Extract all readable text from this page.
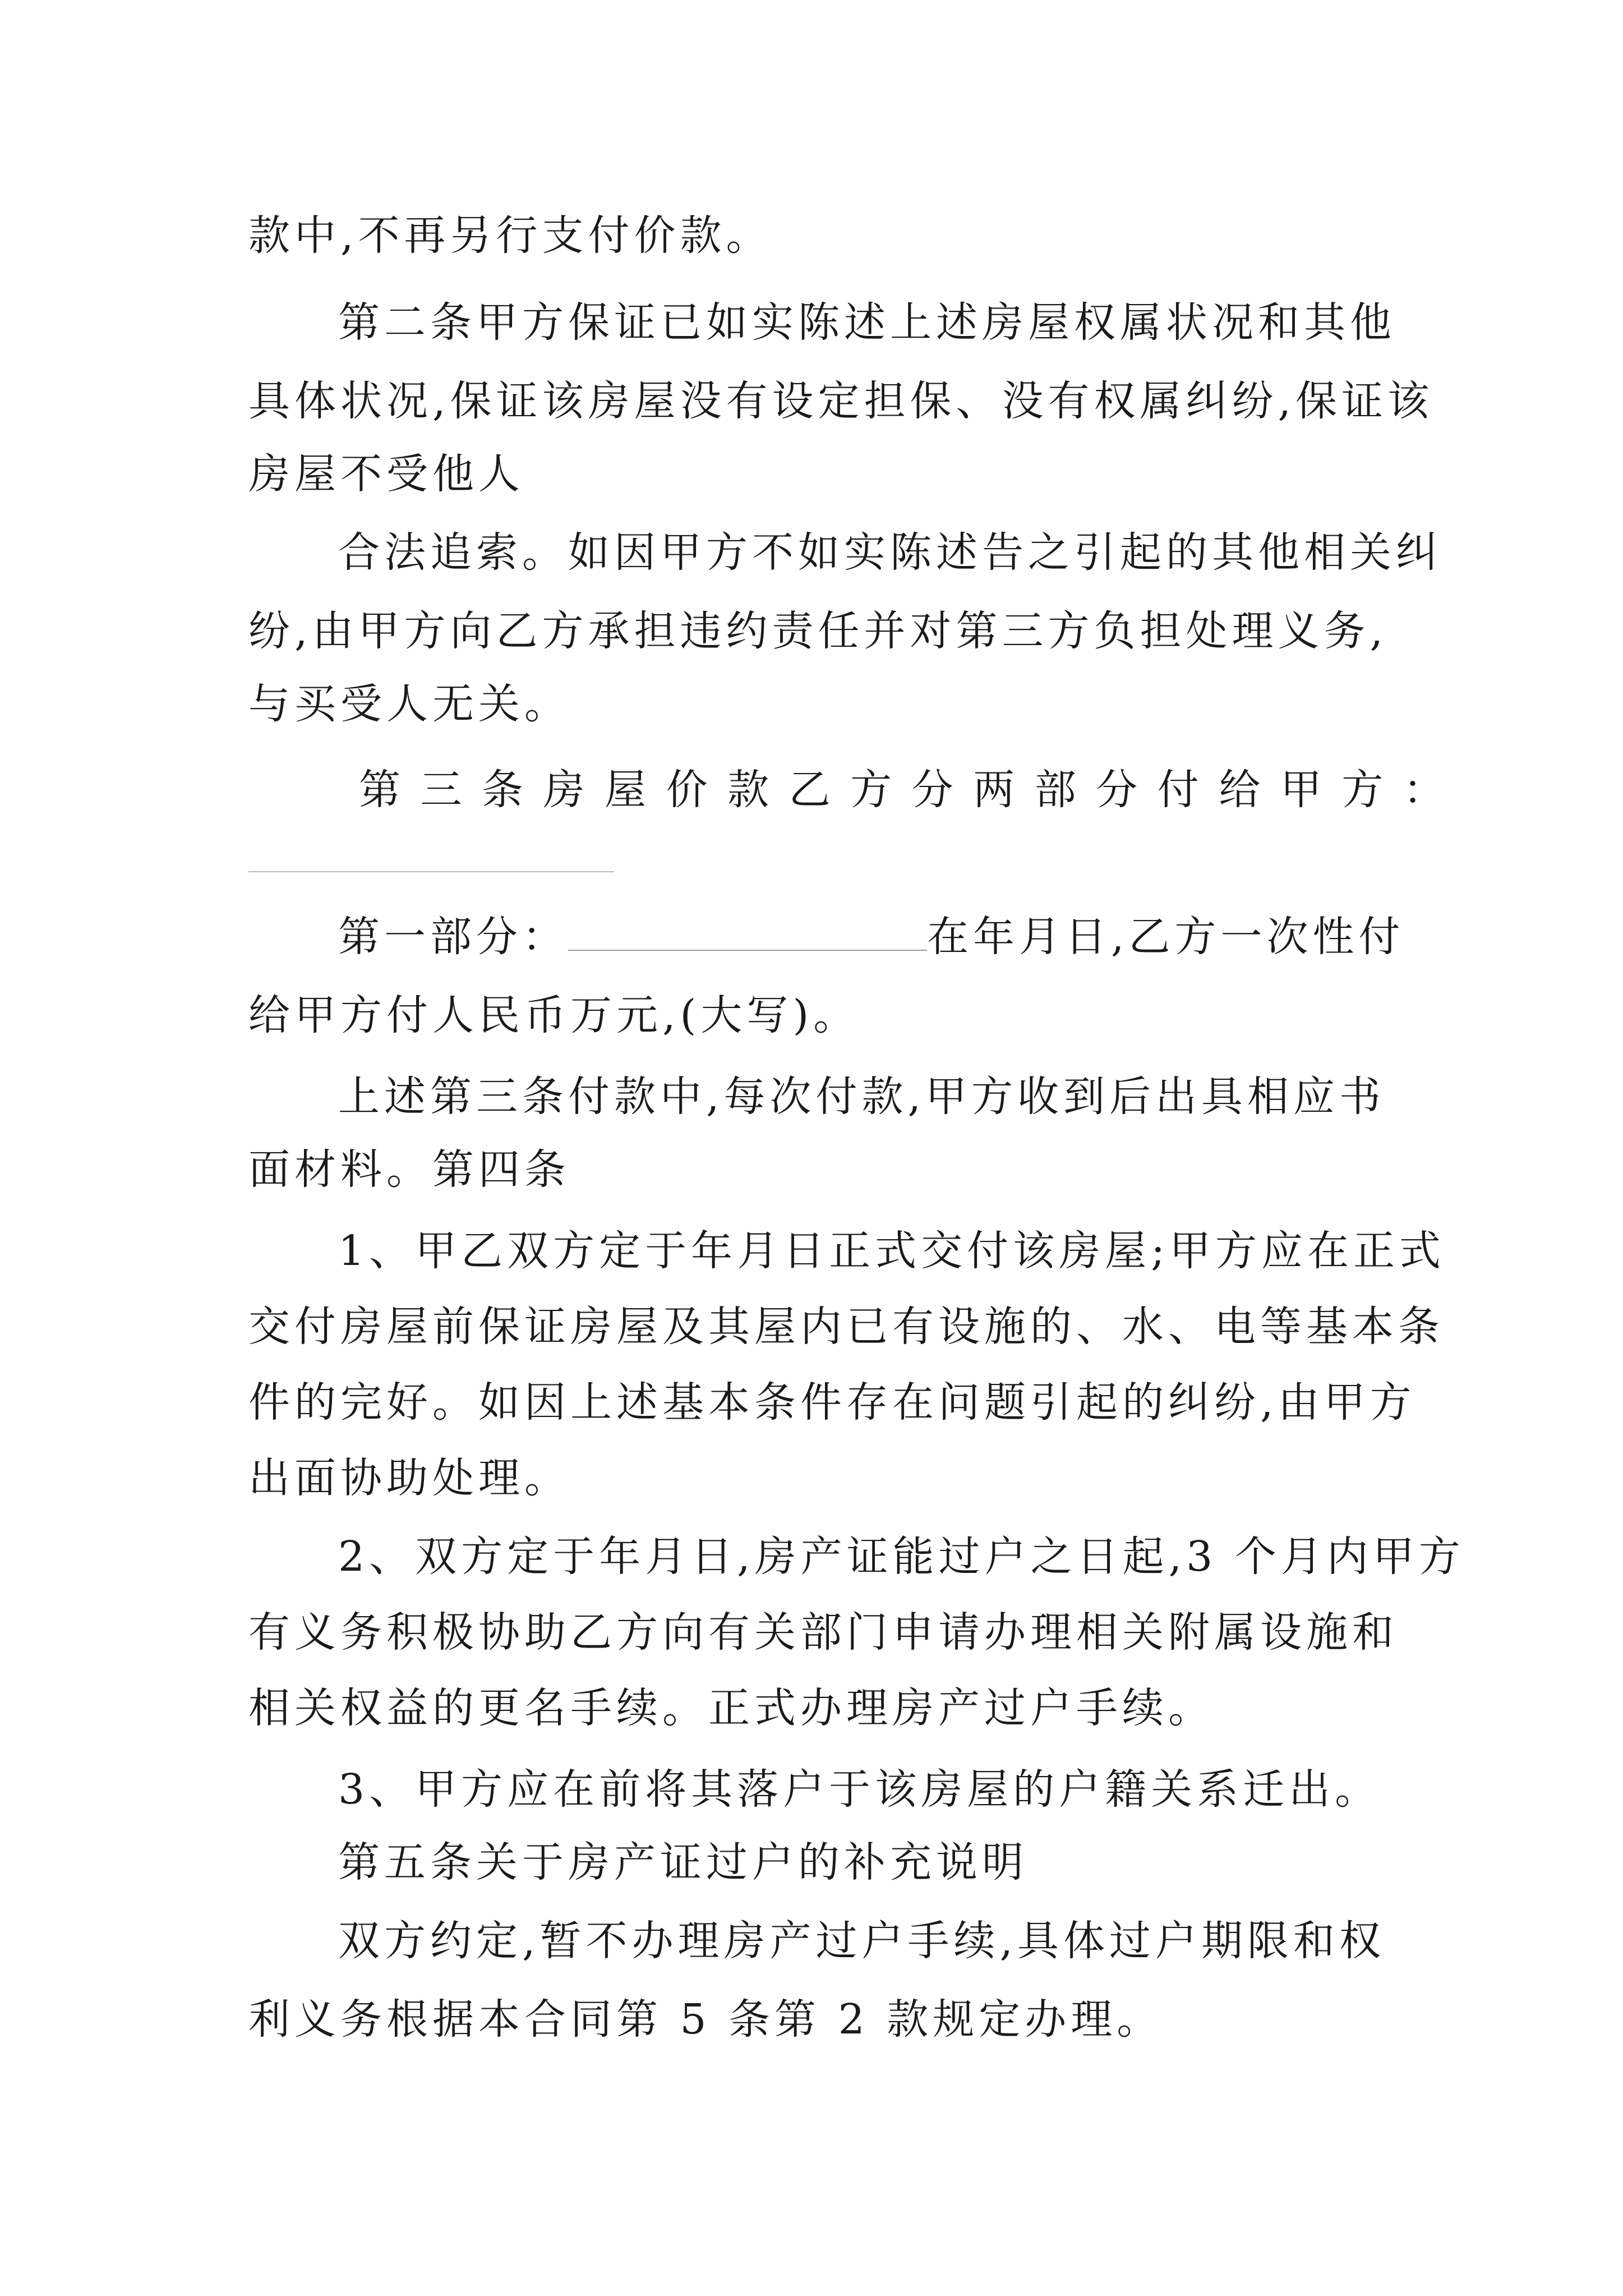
款中,不再另行支付价款。
第二条甲方保证已如实陈述上述房屋权属状况和其他
具体状况,保证该房屋没有设定担保、没有权属纠纷,保证该
房屋不受他人
合法追索。如因甲方不如实陈述告之引起的其他相关纠
纷,由甲方向乙方承担违约责任并对第三方负担处理义务,
与买受人无关。
第 三 条 房 屋 价 款 乙 方 分 两 部 分 付 给 甲 方 ：
第一部分：	在年月日,乙方一次性付
给甲方付人民币万元,(大写)。
上述第三条付款中,每次付款,甲方收到后出具相应书
面材料。第四条
1、甲乙双方定于年月日正式交付该房屋;甲方应在正式
交付房屋前保证房屋及其屋内已有设施的、水、电等基本条
件的完好。如因上述基本条件存在问题引起的纠纷,由甲方
出面协助处理。
2、双方定于年月日,房产证能过户之日起,3 个月内甲方
有义务积极协助乙方向有关部门申请办理相关附属设施和
相关权益的更名手续。正式办理房产过户手续。
3、甲方应在前将其落户于该房屋的户籍关系迁出。
第五条关于房产证过户的补充说明
双方约定,暂不办理房产过户手续,具体过户期限和权
利义务根据本合同第 5 条第 2 款规定办理。
